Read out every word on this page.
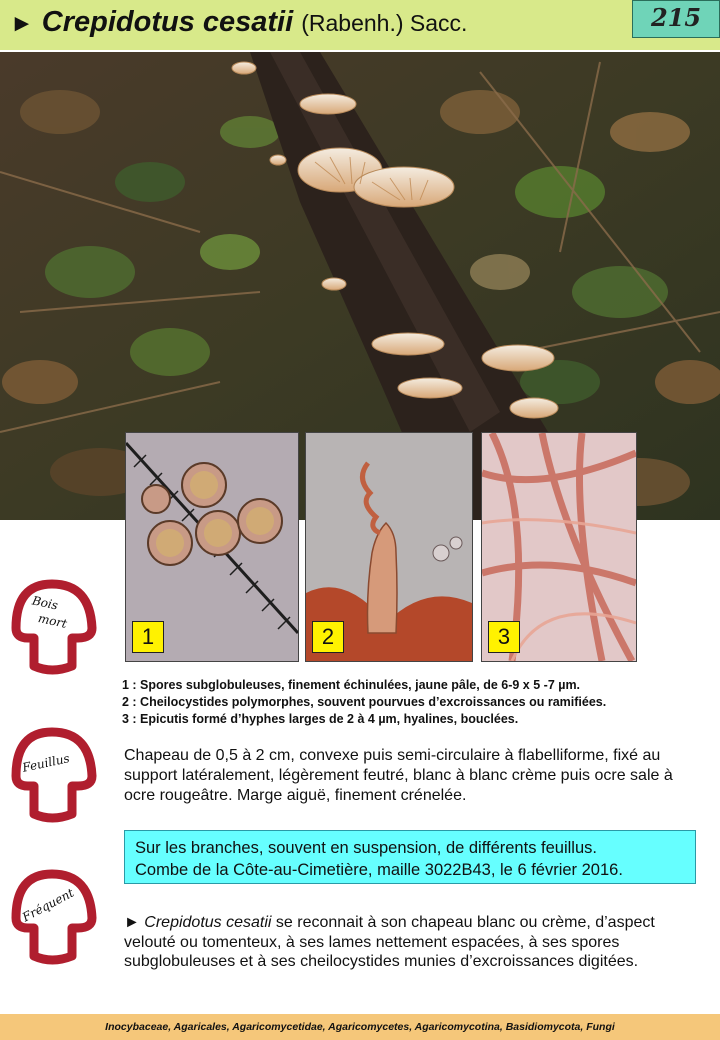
► Crepidotus cesatii (Rabenh.) Sacc.	215
1	2	3
1 : Spores subglobuleuses, finement échinulées, jaune pâle, de 6-9 x 5 -7 µm.
2 : Cheilocystides polymorphes, souvent pourvues d’excroissances ou ramifiées.
3 : Epicutis formé d’hyphes larges de 2 à 4 µm, hyalines, bouclées.
Chapeau de 0,5 à 2 cm, convexe puis semi-circulaire à flabelliforme, fixé au support latéralement, légèrement feutré, blanc à blanc crème puis ocre sale à ocre rougeâtre. Marge aiguë, finement crénelée.
Sur les branches, souvent en suspension, de différents feuillus.
Combe de la Côte-au-Cimetière, maille 3022B43, le 6 février 2016.
► Crepidotus cesatii se reconnait à son chapeau blanc ou crème, d’aspect velouté ou tomenteux, à ses lames nettement espacées, à ses spores subglobuleuses et à ses cheilocystides munies d’excroissances digitées.
Bois
mort
Feuillus
Fréquent
Inocybaceae, Agaricales, Agaricomycetidae, Agaricomycetes, Agaricomycotina, Basidiomycota, Fungi
